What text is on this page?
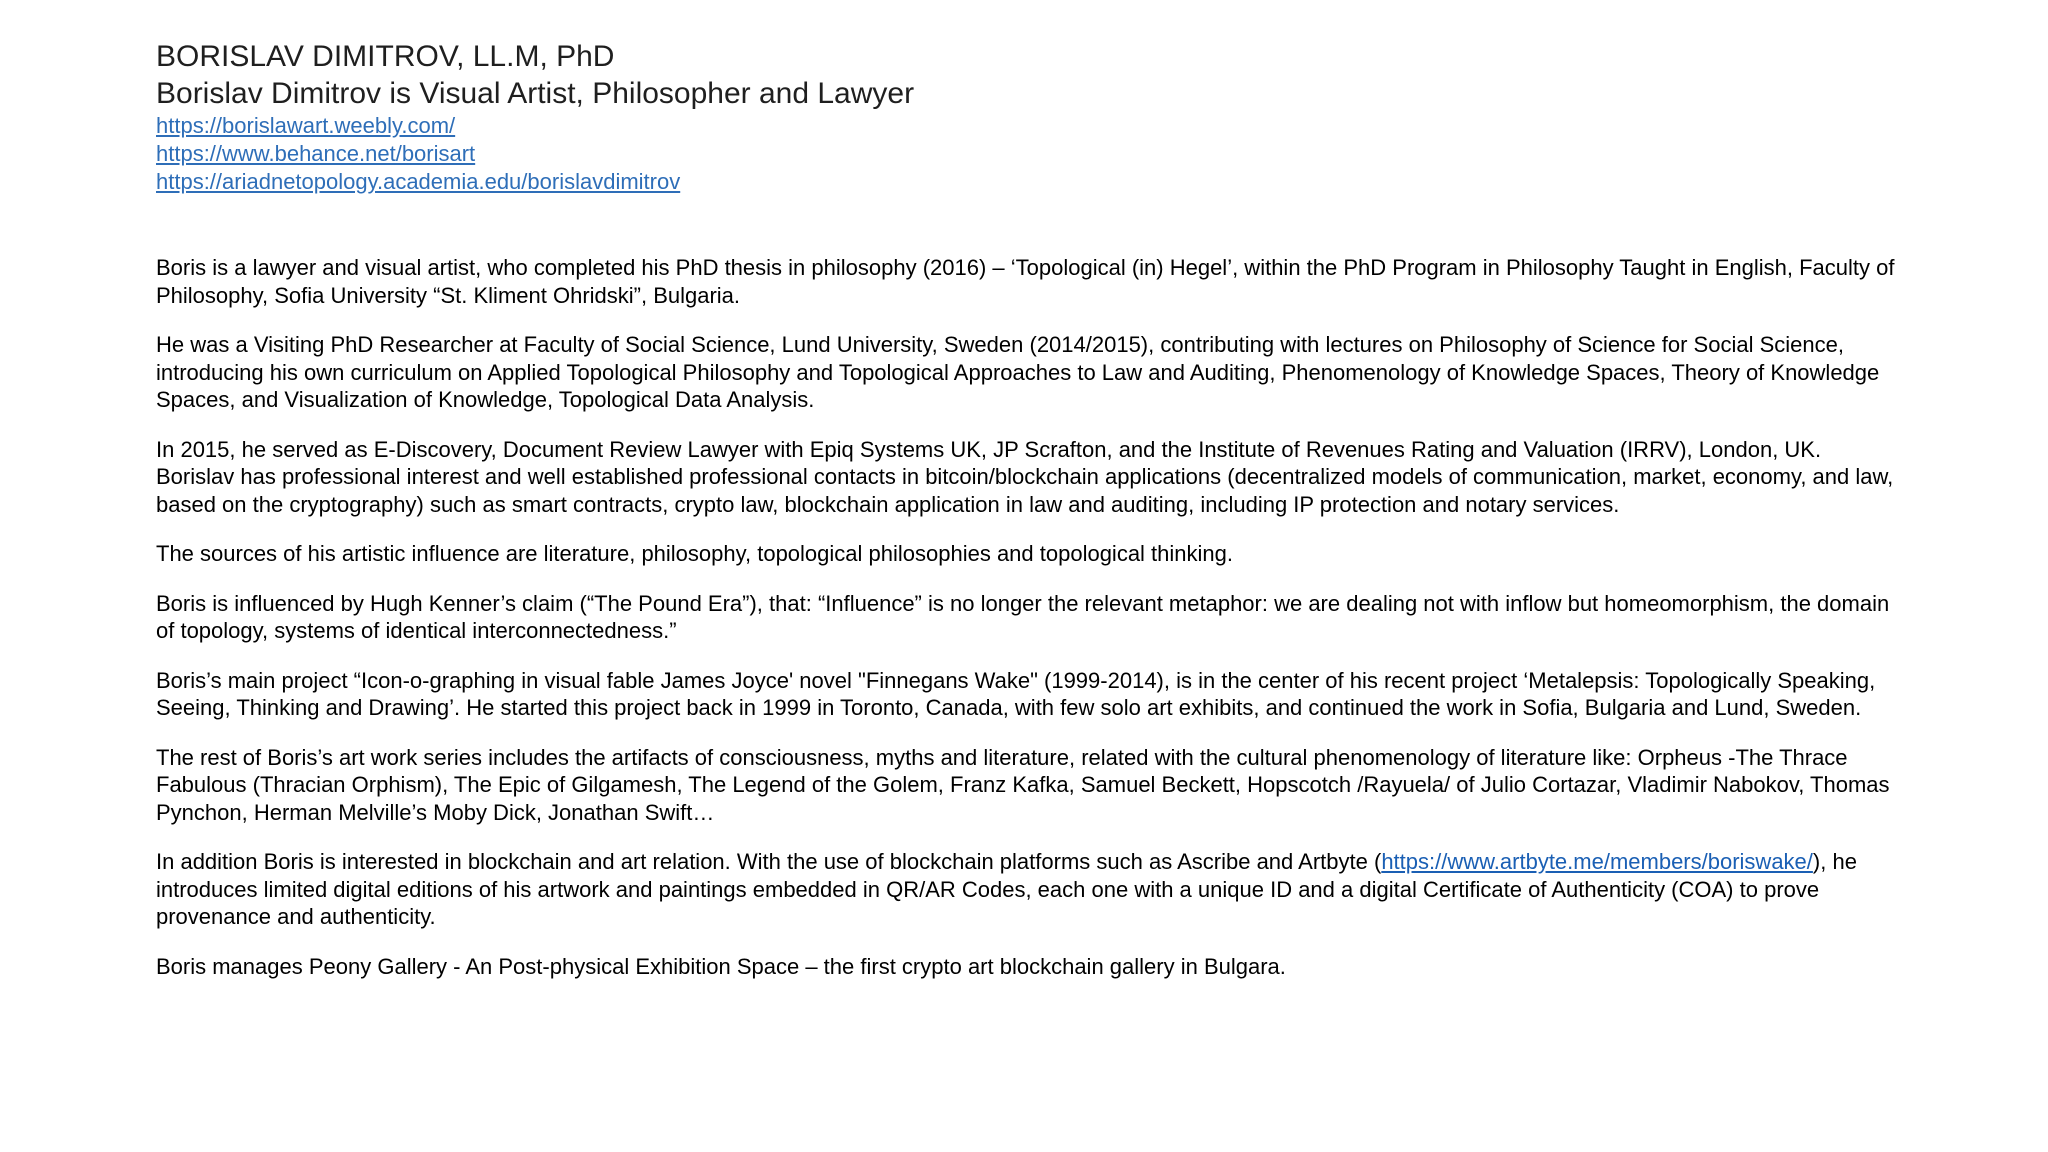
BORISLAV DIMITROV, LL.M, PhD
Borislav Dimitrov is Visual Artist, Philosopher and Lawyer
https://borislawart.weebly.com/
https://www.behance.net/borisart
https://ariadnetopology.academia.edu/borislavdimitrov

Boris is a lawyer and visual artist, who completed his PhD thesis in philosophy (2016) – ‘Topological (in) Hegel’, within the PhD Program in Philosophy Taught in English, Faculty of Philosophy, Sofia University “St. Kliment Ohridski”, Bulgaria.

He was a Visiting PhD Researcher at Faculty of Social Science, Lund University, Sweden (2014/2015), contributing with lectures on Philosophy of Science for Social Science, introducing his own curriculum on Applied Topological Philosophy and Topological Approaches to Law and Auditing, Phenomenology of Knowledge Spaces, Theory of Knowledge Spaces, and Visualization of Knowledge, Topological Data Analysis.

In 2015, he served as E-Discovery, Document Review Lawyer with Epiq Systems UK, JP Scrafton, and the Institute of Revenues Rating and Valuation (IRRV), London, UK. Borislav has professional interest and well established professional contacts in bitcoin/blockchain applications (decentralized models of communication, market, economy, and law, based on the cryptography) such as smart contracts, crypto law, blockchain application in law and auditing, including IP protection and notary services.

The sources of his artistic influence are literature, philosophy, topological philosophies and topological thinking.

Boris is influenced by Hugh Kenner’s claim (“The Pound Era”), that: “Influence” is no longer the relevant metaphor: we are dealing not with inflow but homeomorphism, the domain of topology, systems of identical interconnectedness.”

Boris’s main project “Icon-o-graphing in visual fable James Joyce' novel "Finnegans Wake" (1999-2014), is in the center of his recent project ‘Metalepsis: Topologically Speaking, Seeing, Thinking and Drawing’. He started this project back in 1999 in Toronto, Canada, with few solo art exhibits, and continued the work in Sofia, Bulgaria and Lund, Sweden.

The rest of Boris’s art work series includes the artifacts of consciousness, myths and literature, related with the cultural phenomenology of literature like: Orpheus -The Thrace Fabulous (Thracian Orphism), The Epic of Gilgamesh, The Legend of the Golem, Franz Kafka, Samuel Beckett, Hopscotch /Rayuela/ of Julio Cortazar, Vladimir Nabokov, Thomas Pynchon, Herman Melville’s Moby Dick, Jonathan Swift…

In addition Boris is interested in blockchain and art relation. With the use of blockchain platforms such as Ascribe and Artbyte (https://www.artbyte.me/members/boriswake/), he introduces limited digital editions of his artwork and paintings embedded in QR/AR Codes, each one with a unique ID and a digital Certificate of Authenticity (COA) to prove provenance and authenticity.

Boris manages Peony Gallery - An Post-physical Exhibition Space – the first crypto art blockchain gallery in Bulgara.
